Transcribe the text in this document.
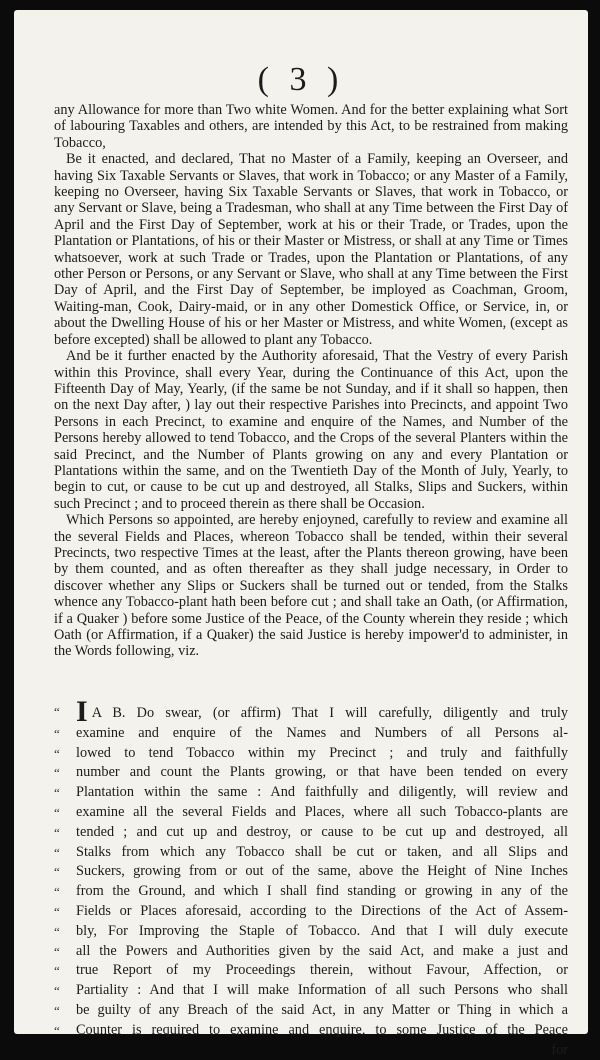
( 3 )

any Allowance for more than Two white Women. And for the better explaining what Sort of labouring Taxables and others, are intended by this Act, to be restrained from making Tobacco,

Be it enacted, and declared, That no Master of a Family, keeping an Overseer, and having Six Taxable Servants or Slaves, that work in Tobacco; or any Master of a Family, keeping no Overseer, having Six Taxable Servants or Slaves, that work in Tobacco, or any Servant or Slave, being a Tradesman, who shall at any Time between the First Day of April and the First Day of September, work at his or their Trade, or Trades, upon the Plantation or Plantations, of his or their Master or Mistress, or shall at any Time or Times whatsoever, work at such Trade or Trades, upon the Plantation or Plantations, of any other Person or Persons, or any Servant or Slave, who shall at any Time between the First Day of April, and the First Day of September, be imployed as Coachman, Groom, Waiting-man, Cook, Dairy-maid, or in any other Domestick Office, or Service, in, or about the Dwelling House of his or her Master or Mistress, and white Women, (except as before excepted) shall be allowed to plant any Tobacco.

And be it further enacted by the Authority aforesaid, That the Vestry of every Parish within this Province, shall every Year, during the Continuance of this Act, upon the Fifteenth Day of May, Yearly, (if the same be not Sunday, and if it shall so happen, then on the next Day after, ) lay out their respective Parishes into Precincts, and appoint Two Persons in each Precinct, to examine and enquire of the Names, and Number of the Persons hereby allowed to tend Tobacco, and the Crops of the several Planters within the said Precinct, and the Number of Plants growing on any and every Plantation or Plantations within the same, and on the Twentieth Day of the Month of July, Yearly, to begin to cut, or cause to be cut up and destroyed, all Stalks, Slips and Suckers, within such Precinct ; and to proceed therein as there shall be Occasion.

Which Persons so appointed, are hereby enjoyned, carefully to review and examine all the several Fields and Places, whereon Tobacco shall be tended, within their several Precincts, two respective Times at the least, after the Plants thereon growing, have been by them counted, and as often thereafter as they shall judge necessary, in Order to discover whether any Slips or Suckers shall be turned out or tended, from the Stalks whence any Tobacco-plant hath been before cut ; and shall take an Oath, (or Affirmation, if a Quaker ) before some Justice of the Peace, of the County wherein they reside ; which Oath (or Affirmation, if a Quaker) the said Justice is hereby impower'd to administer, in the Words following, viz.

“ I A B. Do swear, (or affirm) That I will carefully, diligently and truly
“	examine and enquire of the Names and Numbers of all Persons al-
“	lowed to tend Tobacco within my Precinct ; and truly and faithfully
“	number and count the Plants growing, or that have been tended on every
“	Plantation within the same : And faithfully and diligently, will review and
“	examine all the several Fields and Places, where all such Tobacco-plants are
“	tended ; and cut up and destroy, or cause to be cut up and destroyed, all
“	Stalks from which any Tobacco shall be cut or taken, and all Slips and
“	Suckers, growing from or out of the same, above the Height of Nine Inches
“	from the Ground, and which I shall find standing or growing in any of the
“	Fields or Places aforesaid, according to the Directions of the Act of Assem-
“	bly, For Improving the Staple of Tobacco. And that I will duly execute
“	all the Powers and Authorities given by the said Act, and make a just and
“	true Report of my Proceedings therein, without Favour, Affection, or
“	Partiality : And that I will make Information of all such Persons who shall
“	be guilty of any Breach of the said Act, in any Matter or Thing in which a
“	Counter is required to examine and enquire, to some Justice of the Peace
for
